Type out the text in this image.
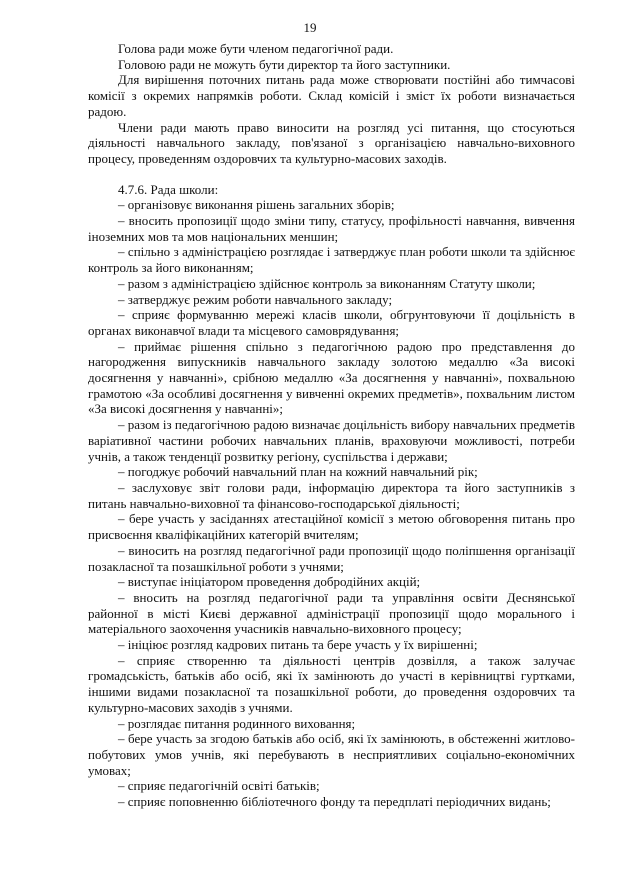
19

Голова ради може бути членом педагогічної ради.

Головою ради не можуть бути директор та його заступники.

Для вирішення поточних питань рада може створювати постійні або тимчасові комісії з окремих напрямків роботи. Склад комісій і зміст їх роботи визначається радою.

Члени ради мають право виносити на розгляд усі питання, що стосуються діяльності навчального закладу, пов'язаної з організацією навчально-виховного процесу, проведенням оздоровчих та культурно-масових заходів.

4.7.6. Рада школи:

– організовує виконання рішень загальних зборів;

– вносить пропозиції щодо зміни типу, статусу, профільності навчання, вивчення іноземних мов та мов національних меншин;

– спільно з адміністрацією розглядає і затверджує план роботи школи та здійснює контроль за його виконанням;

– разом з адміністрацією здійснює контроль за виконанням Статуту школи;

– затверджує режим роботи навчального закладу;

– сприяє формуванню мережі класів школи, обгрунтовуючи її доцільність в органах виконавчої влади та місцевого самоврядування;

– приймає рішення спільно з педагогічною радою про представлення до нагородження випускників навчального закладу золотою медаллю «За високі досягнення у навчанні», срібною медаллю «За досягнення у навчанні», похвальною грамотою «За особливі досягнення у вивченні окремих предметів», похвальним листом «За високі досягнення у навчанні»;

– разом із педагогічною радою визначає доцільність вибору навчальних предметів варіативної частини робочих навчальних планів, враховуючи можливості, потреби учнів, а також тенденції розвитку регіону, суспільства і держави;

– погоджує робочий навчальний план на кожний навчальний рік;

– заслуховує звіт голови ради, інформацію директора та його заступників з питань навчально-виховної та фінансово-господарської діяльності;

– бере участь у засіданнях атестаційної комісії з метою обговорення питань про присвоєння кваліфікаційних категорій вчителям;

– виносить на розгляд педагогічної ради пропозиції щодо поліпшення організації позакласної та позашкільної роботи з учнями;

– виступає ініціатором проведення добродійних акцій;

– вносить на розгляд педагогічної ради та управління освіти Деснянської районної в місті Києві державної адміністрації пропозиції щодо морального і матеріального заохочення учасників навчально-виховного процесу;

– ініціює розгляд кадрових питань та бере участь у їх вирішенні;

– сприяє створенню та діяльності центрів дозвілля, а також залучає громадськість, батьків або осіб, які їх замінюють до участі в керівництві гуртками, іншими видами позакласної та позашкільної роботи, до проведення оздоровчих та культурно-масових заходів з учнями.

– розглядає питання родинного виховання;

– бере участь за згодою батьків або осіб, які їх замінюють, в обстеженні житлово-побутових умов учнів, які перебувають в несприятливих соціально-економічних умовах;

– сприяє педагогічній освіті батьків;

– сприяє поповненню бібліотечного фонду та передплаті періодичних видань;
